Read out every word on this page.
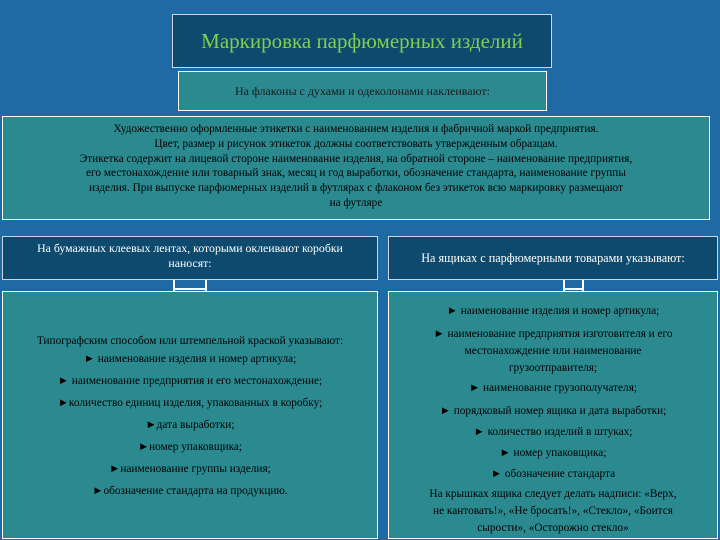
Маркировка парфюмерных изделий
На флаконы с духами и одеколонами наклеивают:
Художественно оформленные этикетки с наименованием изделия и фабричной маркой предприятия.
Цвет, размер и рисунок этикеток должны соответствовать утвержденным образцам.
Этикетка содержит на лицевой стороне наименование изделия, на обратной стороне – наименование предприятия,
его местонахождение или товарный знак, месяц и год выработки, обозначение стандарта, наименование группы
изделия. При выпуске парфюмерных изделий в футлярах с флаконом без этикеток всю маркировку размещают
на футляре
На бумажных клеевых лентах, которыми оклеивают коробки
наносят:	На ящиках с парфюмерными товарами указывают:
Типографским способом или штемпельной краской указывают:
► наименование изделия и номер артикула;
► наименование предприятия и его местонахождение;
►количество единиц изделия, упакованных в коробку;
►дата выработки;
►номер упаковщика;
►наименование группы изделия;
►обозначение стандарта на продукцию.
► наименование изделия и номер артикула;
► наименование предприятия изготовителя и его
местонахождение или наименование
грузоотправителя;
► наименование грузополучателя;
► порядковый номер ящика и дата выработки;
► количество изделий в штуках;
► номер упаковщика;
► обозначение стандарта
На крышках ящика следует делать надписи: «Верх,
не кантовать!», «Не бросать!», «Стекло», «Боится
сырости», «Осторожно стекло»
